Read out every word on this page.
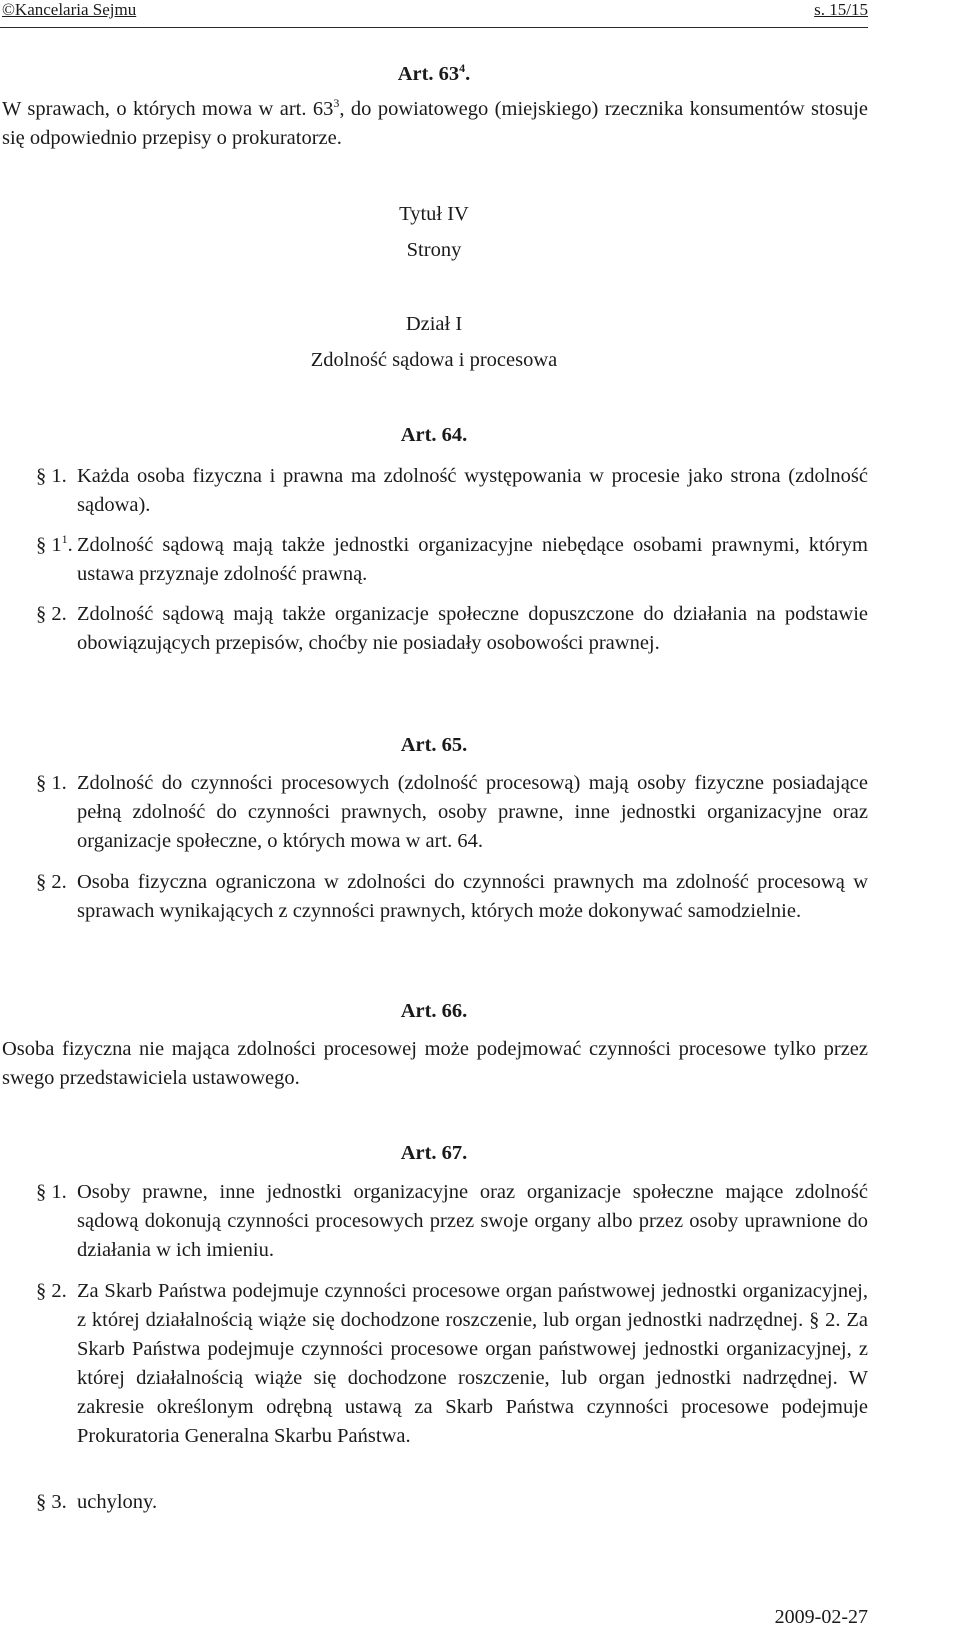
©Kancelaria Sejmu	s. 15/15
Art. $63^4$.
W sprawach, o których mowa w art. $63^3$, do powiatowego (miejskiego) rzecznika konsumentów stosuje się odpowiednio przepisy o prokuratorze.
Tytuł IV
Strony
Dział I
Zdolność sądowa i procesowa
Art. 64.
§ 1. Każda osoba fizyczna i prawna ma zdolność występowania w procesie jako strona (zdolność sądowa).
§ $1^1$. Zdolność sądową mają także jednostki organizacyjne niebędące osobami prawnymi, którym ustawa przyznaje zdolność prawną.
§ 2. Zdolność sądową mają także organizacje społeczne dopuszczone do działania na podstawie obowiązujących przepisów, choćby nie posiadały osobowości prawnej.
Art. 65.
§ 1. Zdolność do czynności procesowych (zdolność procesową) mają osoby fizyczne posiadające pełną zdolność do czynności prawnych, osoby prawne, inne jednostki organizacyjne oraz organizacje społeczne, o których mowa w art. 64.
§ 2. Osoba fizyczna ograniczona w zdolności do czynności prawnych ma zdolność procesową w sprawach wynikających z czynności prawnych, których może dokonywać samodzielnie.
Art. 66.
Osoba fizyczna nie mająca zdolności procesowej może podejmować czynności procesowe tylko przez swego przedstawiciela ustawowego.
Art. 67.
§ 1. Osoby prawne, inne jednostki organizacyjne oraz organizacje społeczne mające zdolność sądową dokonują czynności procesowych przez swoje organy albo przez osoby uprawnione do działania w ich imieniu.
§ 2. Za Skarb Państwa podejmuje czynności procesowe organ państwowej jednostki organizacyjnej, z której działalnością wiąże się dochodzone roszczenie, lub organ jednostki nadrzędnej. § 2. Za Skarb Państwa podejmuje czynności procesowe organ państwowej jednostki organizacyjnej, z której działalnością wiąże się dochodzone roszczenie, lub organ jednostki nadrzędnej. W zakresie określonym odrębną ustawą za Skarb Państwa czynności procesowe podejmuje Prokuratoria Generalna Skarbu Państwa.
§ 3. uchylony.
2009-02-27
